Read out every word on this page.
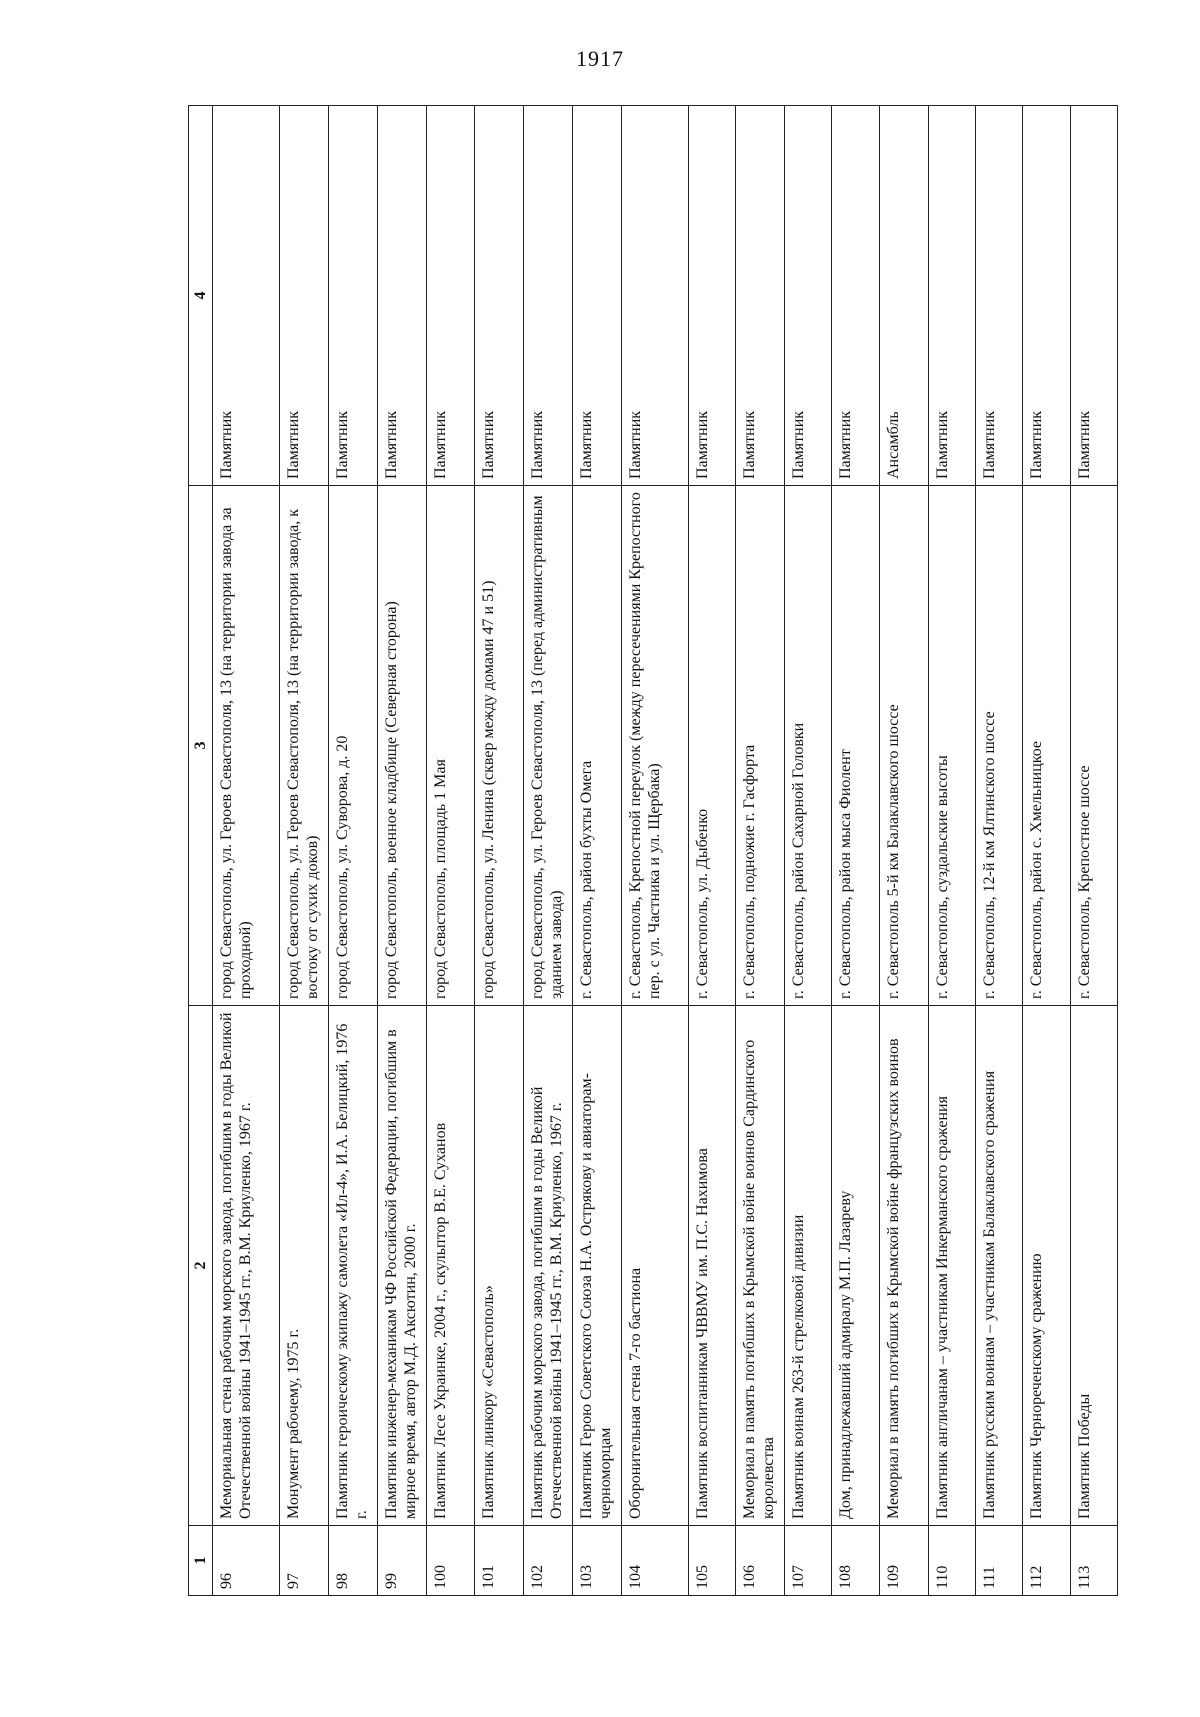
1917
1	2	3	4
96	Мемориальная стена рабочим морского завода, погибшим в годы Великой Отечественной войны 1941–1945 гг., В.М. Криуленко, 1967 г.	город Севастополь, ул. Героев Севастополя, 13 (на территории завода за проходной)	Памятник
97	Монумент рабочему, 1975 г.	город Севастополь, ул. Героев Севастополя, 13 (на территории завода, к востоку от сухих доков)	Памятник
98	Памятник героическому экипажу самолета «Ил-4», И.А. Белицкий, 1976 г.	город Севастополь, ул. Суворова, д. 20	Памятник
99	Памятник инженер-механикам ЧФ Российской Федерации, погибшим в мирное время, автор М.Д. Аксютин, 2000 г.	город Севастополь, военное кладбище (Северная сторона)	Памятник
100	Памятник Лесе Украинке, 2004 г., скульптор В.Е. Суханов	город Севастополь, площадь 1 Мая	Памятник
101	Памятник линкору «Севастополь»	город Севастополь, ул. Ленина (сквер между домами 47 и 51)	Памятник
102	Памятник рабочим морского завода, погибшим в годы Великой Отечественной войны 1941–1945 гг., В.М. Криуленко, 1967 г.	город Севастополь, ул. Героев Севастополя, 13 (перед административным зданием завода)	Памятник
103	Памятник Герою Советского Союза Н.А. Острякову и авиаторам-черноморцам	г. Севастополь, район бухты Омега	Памятник
104	Оборонительная стена 7-го бастиона	г. Севастополь, Крепостной переулок (между пересечениями Крепостного пер. с ул. Частника и ул. Щербака)	Памятник
105	Памятник воспитанникам ЧВВМУ им. П.С. Нахимова	г. Севастополь, ул. Дыбенко	Памятник
106	Мемориал в память погибших в Крымской войне воинов Сардинского королевства	г. Севастополь, подножие г. Гасфорта	Памятник
107	Памятник воинам 263-й стрелковой дивизии	г. Севастополь, район Сахарной Головки	Памятник
108	Дом, принадлежавший адмиралу М.П. Лазареву	г. Севастополь, район мыса Фиолент	Памятник
109	Мемориал в память погибших в Крымской войне французских воинов	г. Севастополь 5-й км Балаклавского шоссе	Ансамбль
110	Памятник англичанам – участникам Инкерманского сражения	г. Севастополь, суздальские высоты	Памятник
111	Памятник русским воинам – участникам Балаклавского сражения	г. Севастополь, 12-й км Ялтинского шоссе	Памятник
112	Памятник Чернореченскому сражению	г. Севастополь, район с. Хмельницкое	Памятник
113	Памятник Победы	г. Севастополь, Крепостное шоссе	Памятник
